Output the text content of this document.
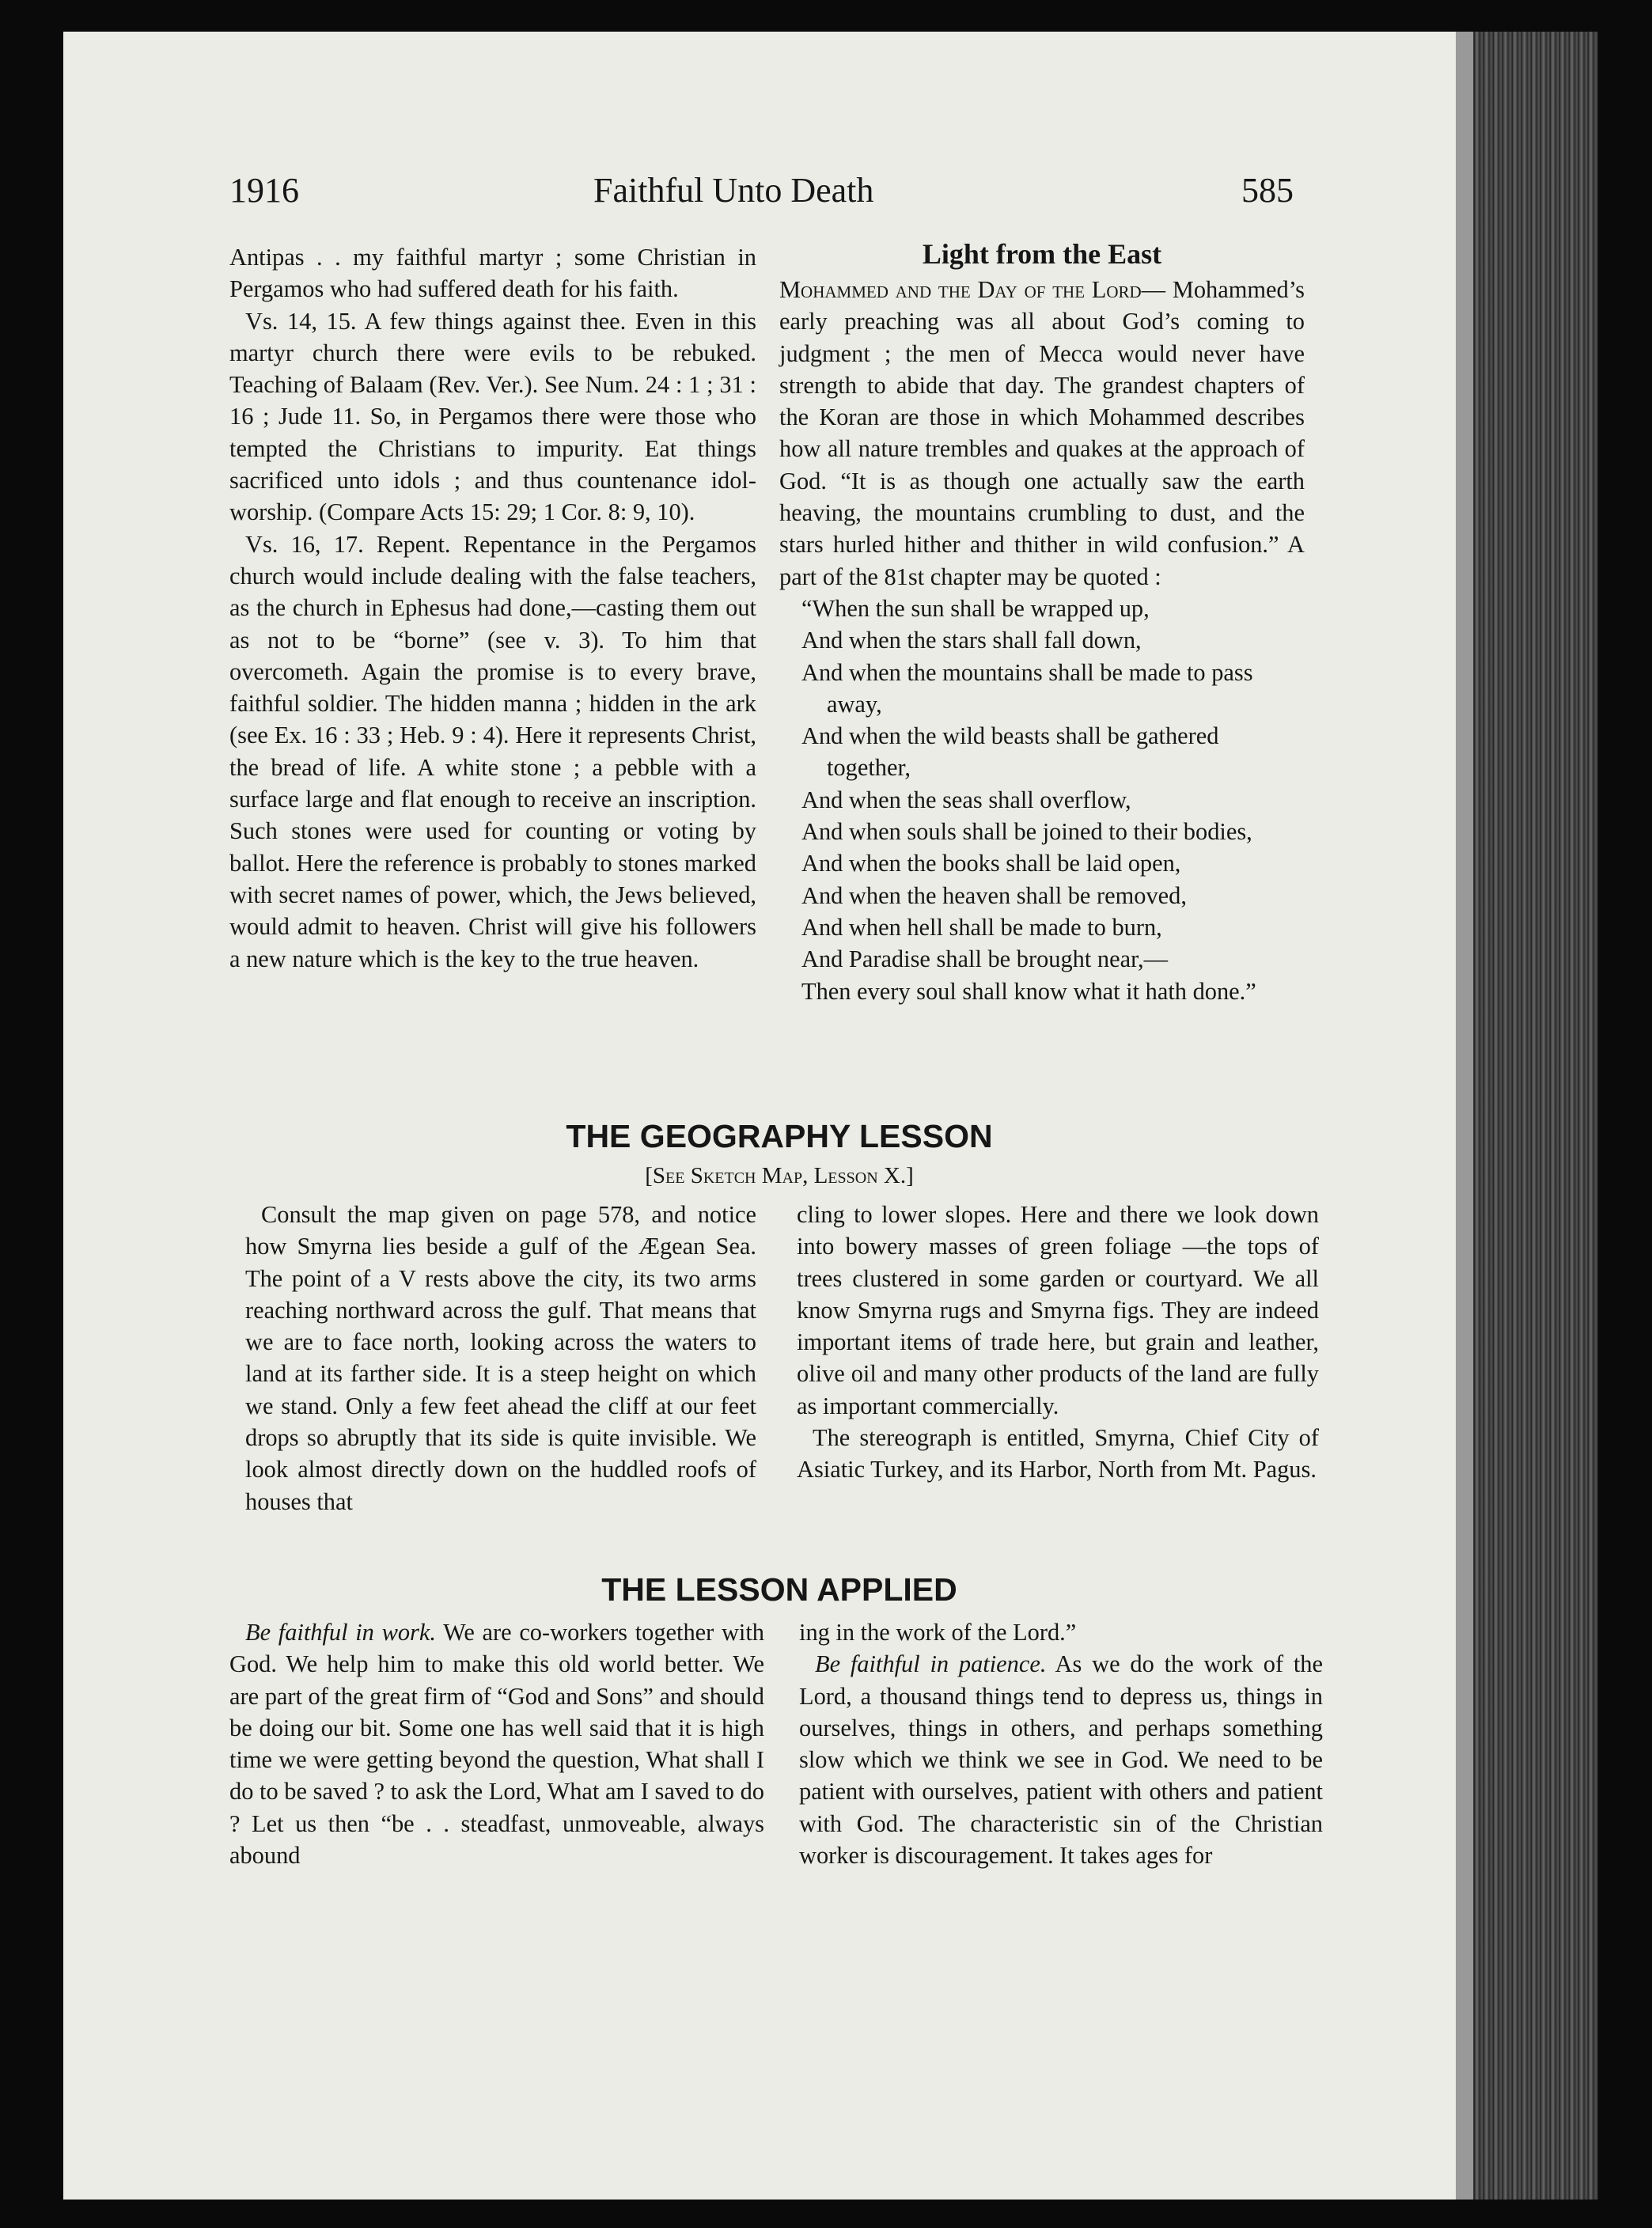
1916	Faithful Unto Death	585

Antipas . . my faithful martyr ; some Christian in Pergamos who had suffered death for his faith.

Vs. 14, 15. A few things against thee. Even in this martyr church there were evils to be rebuked. Teaching of Balaam (Rev. Ver.). See Num. 24 : 1 ; 31 : 16 ; Jude 11. So, in Pergamos there were those who tempted the Christians to impurity. Eat things sacrificed unto idols ; and thus countenance idol-worship. (Compare Acts 15: 29; 1 Cor. 8: 9, 10).

Vs. 16, 17. Repent. Repentance in the Pergamos church would include dealing with the false teachers, as the church in Ephesus had done,—casting them out as not to be “borne” (see v. 3). To him that overcometh. Again the promise is to every brave, faithful soldier. The hidden manna ; hidden in the ark (see Ex. 16 : 33 ; Heb. 9 : 4). Here it represents Christ, the bread of life. A white stone ; a pebble with a surface large and flat enough to receive an inscription. Such stones were used for counting or voting by ballot. Here the reference is probably to stones marked with secret names of power, which, the Jews believed, would admit to heaven. Christ will give his followers a new nature which is the key to the true heaven.

Light from the East

Mohammed and the Day of the Lord— Mohammed’s early preaching was all about God’s coming to judgment ; the men of Mecca would never have strength to abide that day. The grandest chapters of the Koran are those in which Mohammed describes how all nature trembles and quakes at the approach of God. “It is as though one actually saw the earth heaving, the mountains crumbling to dust, and the stars hurled hither and thither in wild confusion.” A part of the 81st chapter may be quoted :

“When the sun shall be wrapped up,

And when the stars shall fall down,

And when the mountains shall be made to pass away,

And when the wild beasts shall be gathered together,

And when the seas shall overflow,

And when souls shall be joined to their bodies,

And when the books shall be laid open,

And when the heaven shall be removed,

And when hell shall be made to burn,

And Paradise shall be brought near,—

Then every soul shall know what it hath done.”

THE GEOGRAPHY LESSON
[See Sketch Map, Lesson X.]

Consult the map given on page 578, and notice how Smyrna lies beside a gulf of the Ægean Sea. The point of a V rests above the city, its two arms reaching northward across the gulf. That means that we are to face north, looking across the waters to land at its farther side. It is a steep height on which we stand. Only a few feet ahead the cliff at our feet drops so abruptly that its side is quite invisible. We look almost directly down on the huddled roofs of houses that

cling to lower slopes. Here and there we look down into bowery masses of green foliage —the tops of trees clustered in some garden or courtyard. We all know Smyrna rugs and Smyrna figs. They are indeed important items of trade here, but grain and leather, olive oil and many other products of the land are fully as important commercially.

The stereograph is entitled, Smyrna, Chief City of Asiatic Turkey, and its Harbor, North from Mt. Pagus.

THE LESSON APPLIED

Be faithful in work. We are co-workers together with God. We help him to make this old world better. We are part of the great firm of “God and Sons” and should be doing our bit. Some one has well said that it is high time we were getting beyond the question, What shall I do to be saved ? to ask the Lord, What am I saved to do ? Let us then “be . . steadfast, unmoveable, always abound

ing in the work of the Lord.”

Be faithful in patience. As we do the work of the Lord, a thousand things tend to depress us, things in ourselves, things in others, and perhaps something slow which we think we see in God. We need to be patient with ourselves, patient with others and patient with God. The characteristic sin of the Christian worker is discouragement. It takes ages for
